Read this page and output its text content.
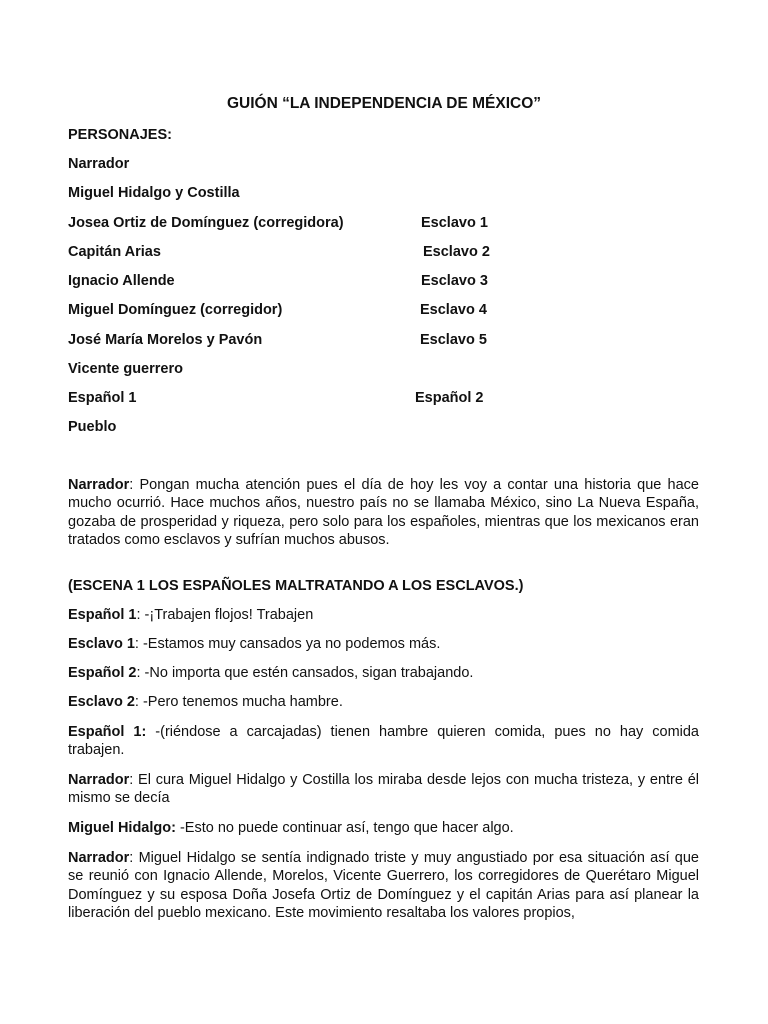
GUIÓN “LA INDEPENDENCIA DE MÉXICO”
PERSONAJES:
Narrador
Miguel Hidalgo y Costilla
Josea Ortiz de Domínguez (corregidora)	Esclavo 1
Capitán Arias	Esclavo 2
Ignacio Allende	Esclavo 3
Miguel Domínguez (corregidor)	Esclavo 4
José María Morelos y Pavón	Esclavo 5
Vicente guerrero
Español 1	Español 2
Pueblo
Narrador: Pongan mucha atención pues el día de hoy les voy a contar una historia que hace mucho ocurrió. Hace muchos años, nuestro país no se llamaba México, sino La Nueva España, gozaba de prosperidad y riqueza, pero solo para los españoles, mientras que los mexicanos eran tratados como esclavos y sufrían muchos abusos.
(ESCENA 1 LOS ESPAÑOLES MALTRATANDO A LOS ESCLAVOS.)
Español 1: -¡Trabajen flojos! Trabajen
Esclavo 1: -Estamos muy cansados ya no podemos más.
Español 2: -No importa que estén cansados, sigan trabajando.
Esclavo 2: -Pero tenemos mucha hambre.
Español 1: -(riéndose a carcajadas) tienen hambre quieren comida, pues no hay comida trabajen.
Narrador: El cura Miguel Hidalgo y Costilla los miraba desde lejos con mucha tristeza, y entre él mismo se decía
Miguel Hidalgo: -Esto no puede continuar así, tengo que hacer algo.
Narrador: Miguel Hidalgo se sentía indignado triste y muy angustiado por esa situación así que se reunió con Ignacio Allende, Morelos, Vicente Guerrero, los corregidores de Querétaro Miguel Domínguez y su esposa Doña Josefa Ortiz de Domínguez y el capitán Arias para así planear la liberación del pueblo mexicano. Este movimiento resaltaba los valores propios,
